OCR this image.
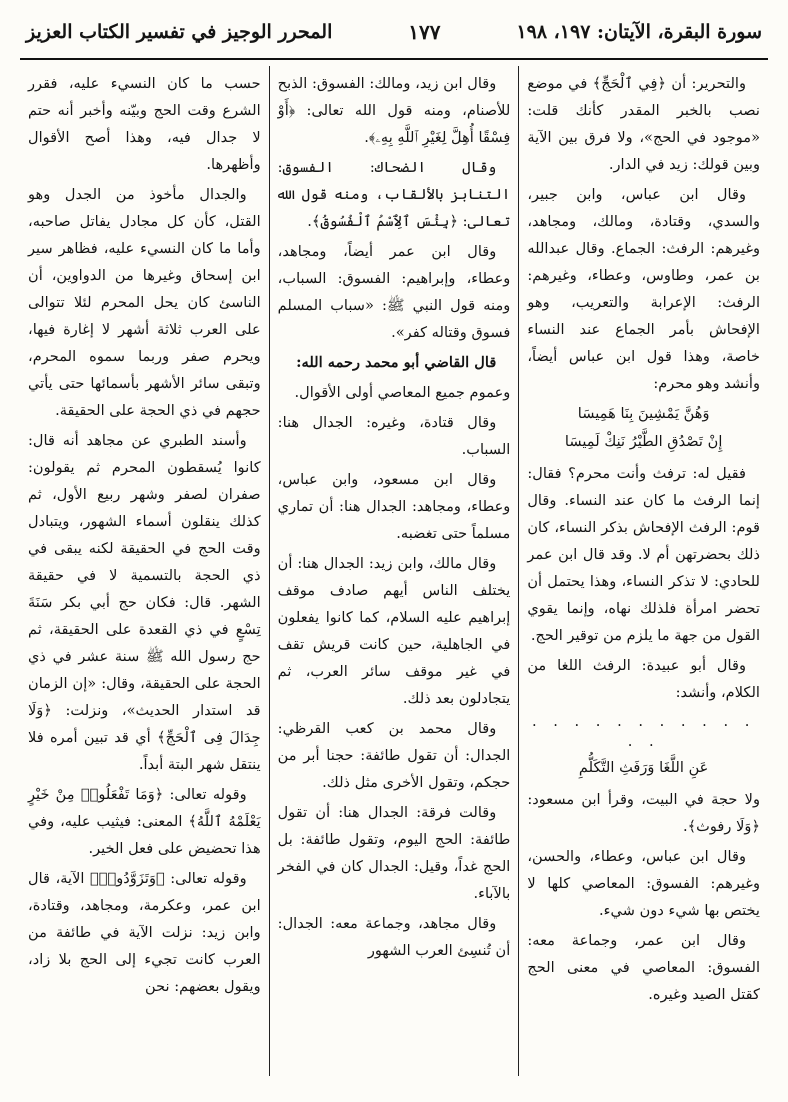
سورة البقرة، الآيتان: ١٩٧، ١٩٨
١٧٧
المحرر الوجيز في تفسير الكتاب العزيز

والتحرير: أن ﴿فِي ٱلْحَجِّ﴾ في موضع نصب بالخبر المقدر كأنك قلت: «موجود في الحج»، ولا فرق بين الآية وبين قولك: زيد في الدار.

وقال ابن عباس، وابن جبير، والسدي، وقتادة، ومالك، ومجاهد، وغيرهم: الرفث: الجماع. وقال عبدالله بن عمر، وطاوس، وعطاء، وغيرهم: الرفث: الإعرابة والتعريب، وهو الإفحاش بأمر الجماع عند النساء خاصة، وهذا قول ابن عباس أيضاً، وأنشد وهو محرم:

وَهُنَّ يَمْشِينَ بِنَا هَمِيسَا
إِنْ تَصْدُقِ الطَّيْرُ نَنِكْ لَمِيسَا

فقيل له: ترفث وأنت محرم؟ فقال: إنما الرفث ما كان عند النساء. وقال قوم: الرفث الإفحاش بذكر النساء، كان ذلك بحضرتهن أم لا. وقد قال ابن عمر للحادي: لا تذكر النساء، وهذا يحتمل أن تحضر امرأة فلذلك نهاه، وإنما يقوي القول من جهة ما يلزم من توقير الحج.

وقال أبو عبيدة: الرفث اللغا من الكلام، وأنشد:

. . . . . . . . . . . . .
عَنِ اللَّغَا وَرَفَثِ التَّكَلُّمِ

ولا حجة في البيت، وقرأ ابن مسعود: ﴿وَلَا رفوث﴾.

وقال ابن عباس، وعطاء، والحسن، وغيرهم: الفسوق: المعاصي كلها لا يختص بها شيء دون شيء.

وقال ابن عمر، وجماعة معه: الفسوق: المعاصي في معنى الحج كقتل الصيد وغيره.

وقال ابن زيد، ومالك: الفسوق: الذبح للأصنام، ومنه قول الله تعالى: ﴿أَوْ فِسْقًا أُهِلَّ لِغَيْرِ ٱللَّهِ بِهِۦ﴾.

وقال الضحاك: الفسوق: التنابز بالألقاب، ومنه قول الله تعالى: ﴿بِئْسَ ٱلِٱسْمُ ٱلْفُسُوقُ﴾.

وقال ابن عمر أيضاً، ومجاهد، وعطاء، وإبراهيم: الفسوق: السباب، ومنه قول النبي ﷺ: «سباب المسلم فسوق وقتاله كفر».

قال القاضي أبو محمد رحمه الله:

وعموم جميع المعاصي أولى الأقوال.

وقال قتادة، وغيره: الجدال هنا: السباب.

وقال ابن مسعود، وابن عباس، وعطاء، ومجاهد: الجدال هنا: أن تماري مسلماً حتى تغضبه.

وقال مالك، وابن زيد: الجدال هنا: أن يختلف الناس أيهم صادف موقف إبراهيم عليه السلام، كما كانوا يفعلون في الجاهلية، حين كانت قريش تقف في غير موقف سائر العرب، ثم يتجادلون بعد ذلك.

وقال محمد بن كعب القرظي: الجدال: أن تقول طائفة: حجنا أبر من حجكم، وتقول الأخرى مثل ذلك.

وقالت فرقة: الجدال هنا: أن تقول طائفة: الحج اليوم، وتقول طائفة: بل الحج غداً، وقيل: الجدال كان في الفخر بالآباء.

وقال مجاهد، وجماعة معه: الجدال: أن تُنسِئ العرب الشهور

حسب ما كان النسيء عليه، فقرر الشرع وقت الحج وبيّنه وأخبر أنه حتم لا جدال فيه، وهذا أصح الأقوال وأظهرها.

والجدال مأخوذ من الجدل وهو القتل، كأن كل مجادل يفاتل صاحبه، وأما ما كان النسيء عليه، فظاهر سير ابن إسحاق وغيرها من الدواوين، أن الناسئ كان يحل المحرم لئلا تتوالى على العرب ثلاثة أشهر لا إغارة فيها، ويحرم صفر وربما سموه المحرم، وتبقى سائر الأشهر بأسمائها حتى يأتي حجهم في ذي الحجة على الحقيقة.

وأسند الطبري عن مجاهد أنه قال: كانوا يُسقطون المحرم ثم يقولون: صفران لصفر وشهر ربيع الأول، ثم كذلك ينقلون أسماء الشهور، ويتبادل وقت الحج في الحقيقة لكنه يبقى في ذي الحجة بالتسمية لا في حقيقة الشهر. قال: فكان حج أبي بكر سَنَةَ تِسْعٍ في ذي القعدة على الحقيقة، ثم حج رسول الله ﷺ سنة عشر في ذي الحجة على الحقيقة، وقال: «إن الزمان قد استدار الحديث»، ونزلت: ﴿وَلَا جِدَالَ فِى ٱلْحَجِّ﴾ أي قد تبين أمره فلا ينتقل شهر البتة أبداً.

وقوله تعالى: ﴿وَمَا تَفْعَلُوا۟ مِنْ خَيْرٍ يَعْلَمْهُ ٱللَّهُ﴾ المعنى: فيثيب عليه، وفي هذا تحضيض على فعل الخير.

وقوله تعالى: ﴿وَتَزَوَّدُوا۟﴾ الآية، قال ابن عمر، وعكرمة، ومجاهد، وقتادة، وابن زيد: نزلت الآية في طائفة من العرب كانت تجيء إلى الحج بلا زاد، ويقول بعضهم: نحن
